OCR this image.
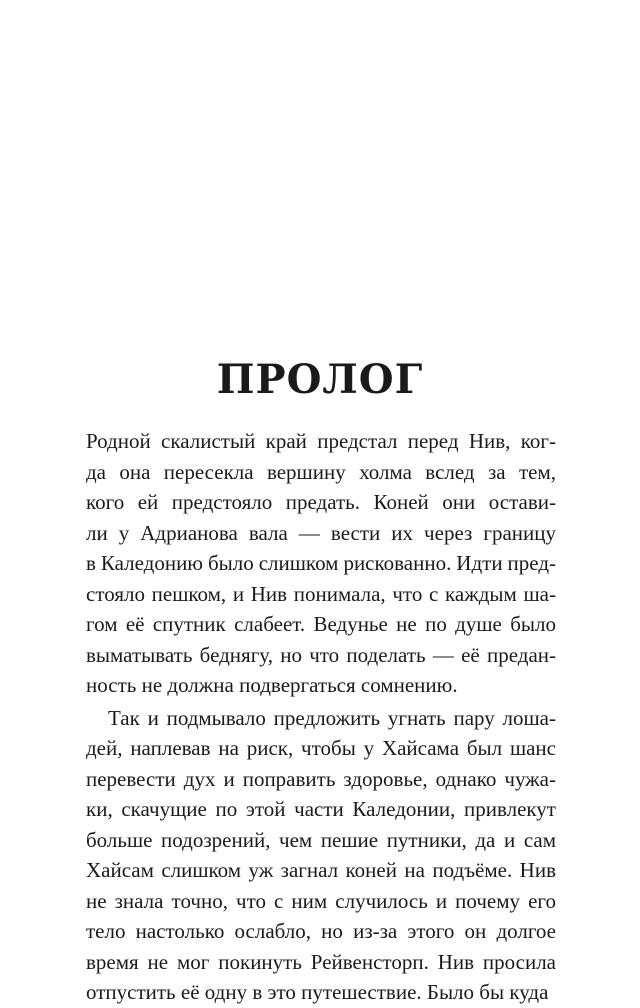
ПРОЛОГ
Родной скалистый край предстал перед Нив, ког-
да она пересекла вершину холма вслед за тем,
кого ей предстояло предать. Коней они остави-
ли у Адрианова вала — вести их через границу
в Каледонию было слишком рискованно. Идти пред-
стояло пешком, и Нив понимала, что с каждым ша-
гом её спутник слабеет. Ведунье не по душе было
выматывать беднягу, но что поделать — её предан-
ность не должна подвергаться сомнению.
Так и подмывало предложить угнать пару лоша-
дей, наплевав на риск, чтобы у Хайсама был шанс
перевести дух и поправить здоровье, однако чужа-
ки, скачущие по этой части Каледонии, привлекут
больше подозрений, чем пешие путники, да и сам
Хайсам слишком уж загнал коней на подъёме. Нив
не знала точно, что с ним случилось и почему его
тело настолько ослабло, но из-за этого он долгое
время не мог покинуть Рейвенсторп. Нив просила
отпустить её одну в это путешествие. Было бы куда
